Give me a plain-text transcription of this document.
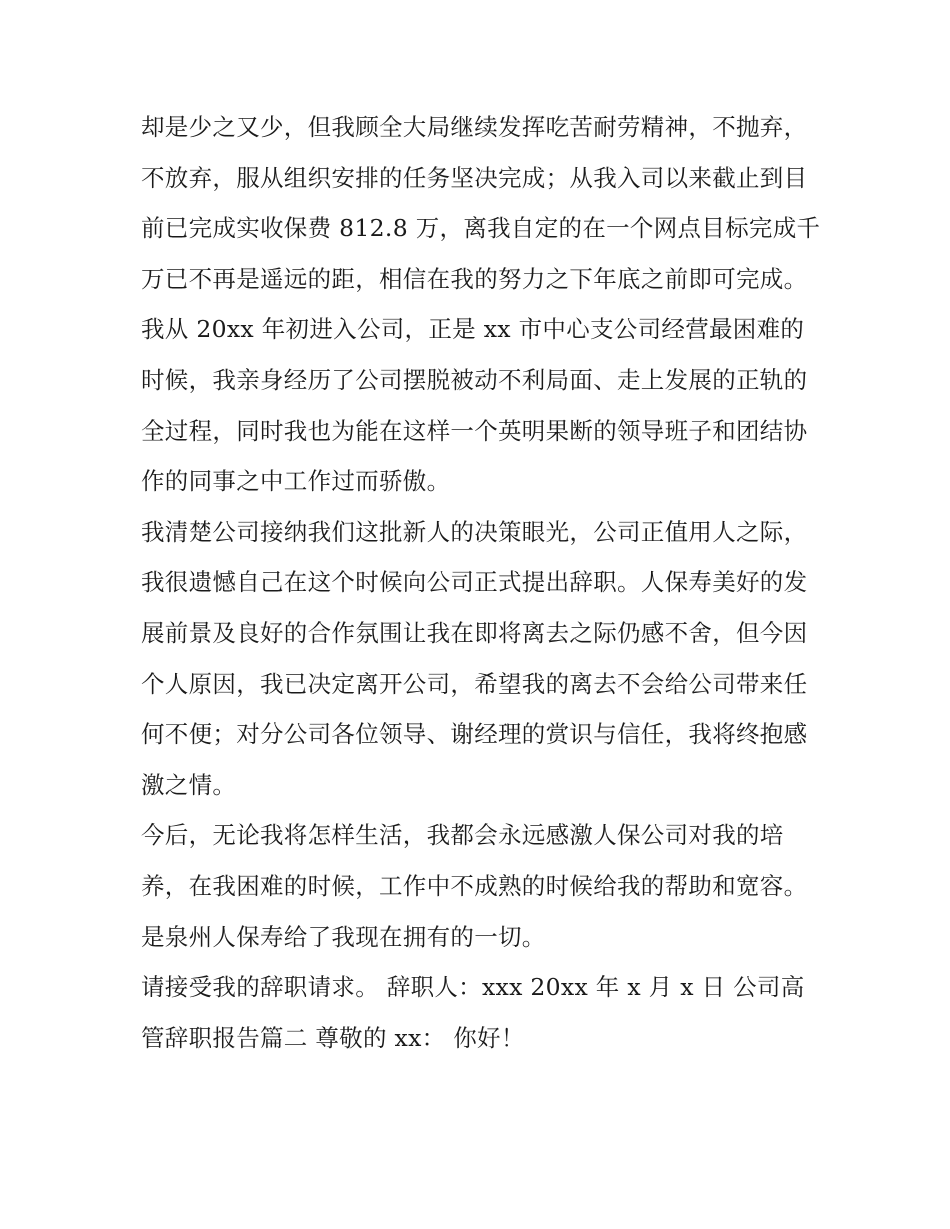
却是少之又少，但我顾全大局继续发挥吃苦耐劳精神，不抛弃，不放弃，服从组织安排的任务坚决完成；从我入司以来截止到目前已完成实收保费 812.8 万，离我自定的在一个网点目标完成千万已不再是遥远的距，相信在我的努力之下年底之前即可完成。

我从 20xx 年初进入公司，正是 xx 市中心支公司经营最困难的时候，我亲身经历了公司摆脱被动不利局面、走上发展的正轨的全过程，同时我也为能在这样一个英明果断的领导班子和团结协作的同事之中工作过而骄傲。

我清楚公司接纳我们这批新人的决策眼光，公司正值用人之际，我很遗憾自己在这个时候向公司正式提出辞职。人保寿美好的发展前景及良好的合作氛围让我在即将离去之际仍感不舍，但今因个人原因，我已决定离开公司，希望我的离去不会给公司带来任何不便；对分公司各位领导、谢经理的赏识与信任，我将终抱感激之情。

今后，无论我将怎样生活，我都会永远感激人保公司对我的培养，在我困难的时候，工作中不成熟的时候给我的帮助和宽容。是泉州人保寿给了我现在拥有的一切。

请接受我的辞职请求。 辞职人：xxx 20xx 年 x 月 x 日 公司高管辞职报告篇二 尊敬的 xx： 你好！
